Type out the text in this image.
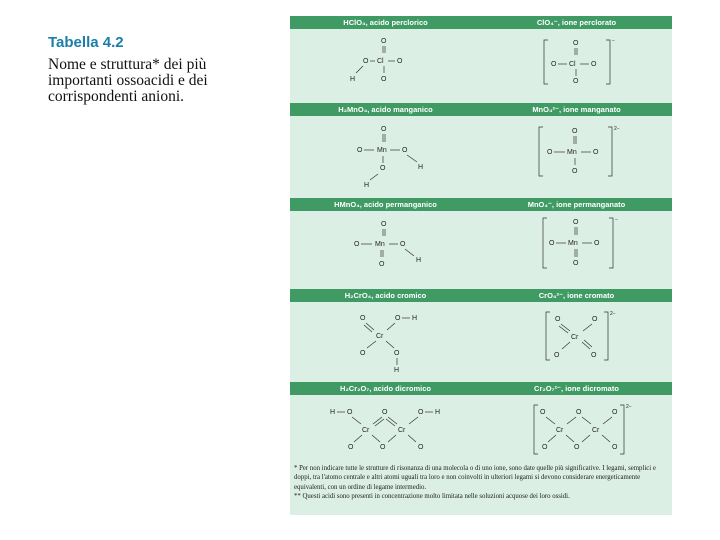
Tabella 4.2

Nome e struttura* dei più importanti ossoacidi e dei corrispondenti anioni.

HClO₄, acido perclorico	ClO₄⁻, ione perclorato
H₂MnO₄, acido manganico	MnO₄²⁻, ione manganato
HMnO₄, acido permanganico	MnO₄⁻, ione permanganato
H₂CrO₄, acido cromico	CrO₄²⁻, ione cromato
H₂Cr₂O₇, acido dicromico	Cr₂O₇²⁻, ione dicromato
O
O Cl O
O
H
−
O
O Cl O
O
O
O Mn O
H
O
H
2−
O
O Mn O
O
O
O Mn O
H
O
−
O
O Mn O
O
O	O H
Cr
O	O
H
2−
O	O
Cr
O	O
H O	O	O H
Cr	Cr
O	O	O
2−
O	O	O
Cr	Cr
O	O	O

* Per non indicare tutte le strutture di risonanza di una molecola o di uno ione, sono date quelle più significative. I legami, semplici e doppi, tra l'atomo centrale e altri atomi uguali tra loro e non coinvolti in ulteriori legami si devono considerare energeticamente equivalenti, con un ordine di legame intermedio.

** Questi acidi sono presenti in concentrazione molto limitata nelle soluzioni acquose dei loro ossidi.
